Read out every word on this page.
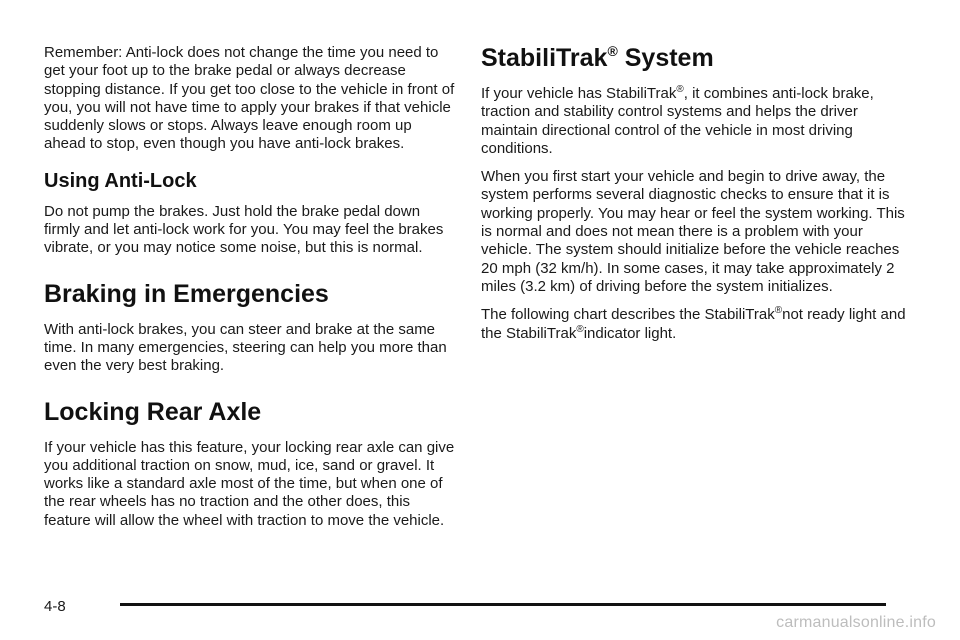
Remember: Anti-lock does not change the time you need to get your foot up to the brake pedal or always decrease stopping distance. If you get too close to the vehicle in front of you, you will not have time to apply your brakes if that vehicle suddenly slows or stops. Always leave enough room up ahead to stop, even though you have anti-lock brakes.

Using Anti-Lock

Do not pump the brakes. Just hold the brake pedal down firmly and let anti-lock work for you. You may feel the brakes vibrate, or you may notice some noise, but this is normal.

Braking in Emergencies

With anti-lock brakes, you can steer and brake at the same time. In many emergencies, steering can help you more than even the very best braking.

Locking Rear Axle

If your vehicle has this feature, your locking rear axle can give you additional traction on snow, mud, ice, sand or gravel. It works like a standard axle most of the time, but when one of the rear wheels has no traction and the other does, this feature will allow the wheel with traction to move the vehicle.

StabiliTrak® System

If your vehicle has StabiliTrak®, it combines anti-lock brake, traction and stability control systems and helps the driver maintain directional control of the vehicle in most driving conditions.

When you first start your vehicle and begin to drive away, the system performs several diagnostic checks to ensure that it is working properly. You may hear or feel the system working. This is normal and does not mean there is a problem with your vehicle. The system should initialize before the vehicle reaches 20 mph (32 km/h). In some cases, it may take approximately 2 miles (3.2 km) of driving before the system initializes.

The following chart describes the StabiliTrak®not ready light and the StabiliTrak®indicator light.

4-8
carmanualsonline.info
